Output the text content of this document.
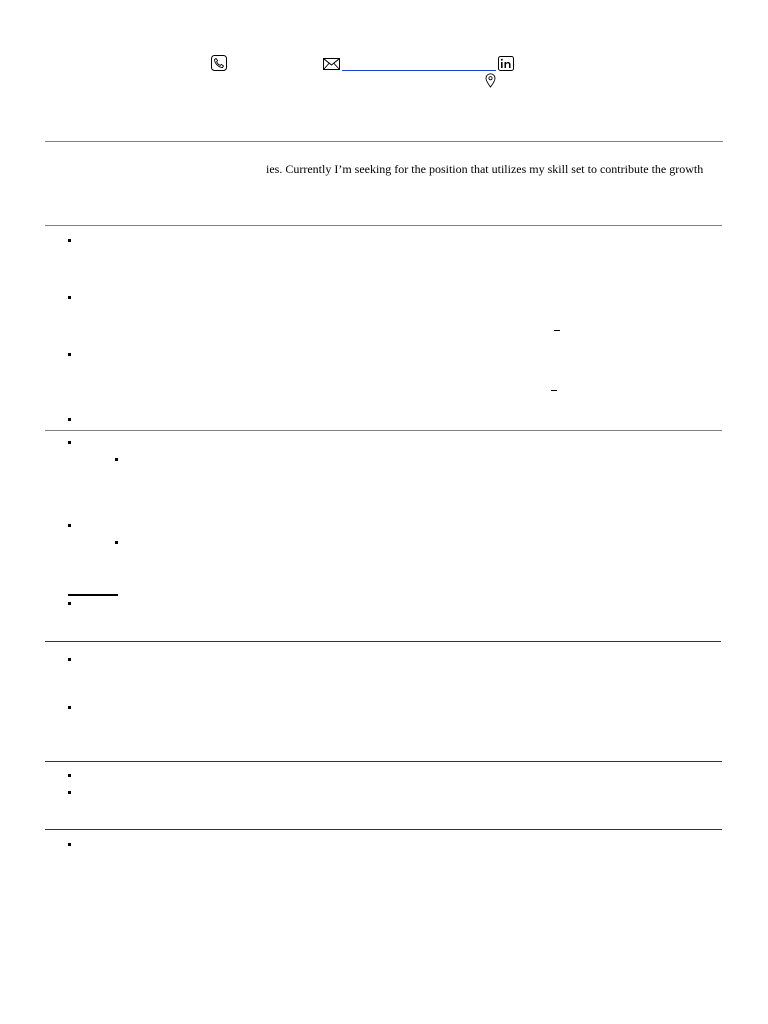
ies. Currently I’m seeking for the position that utilizes my skill set to contribute the growth
